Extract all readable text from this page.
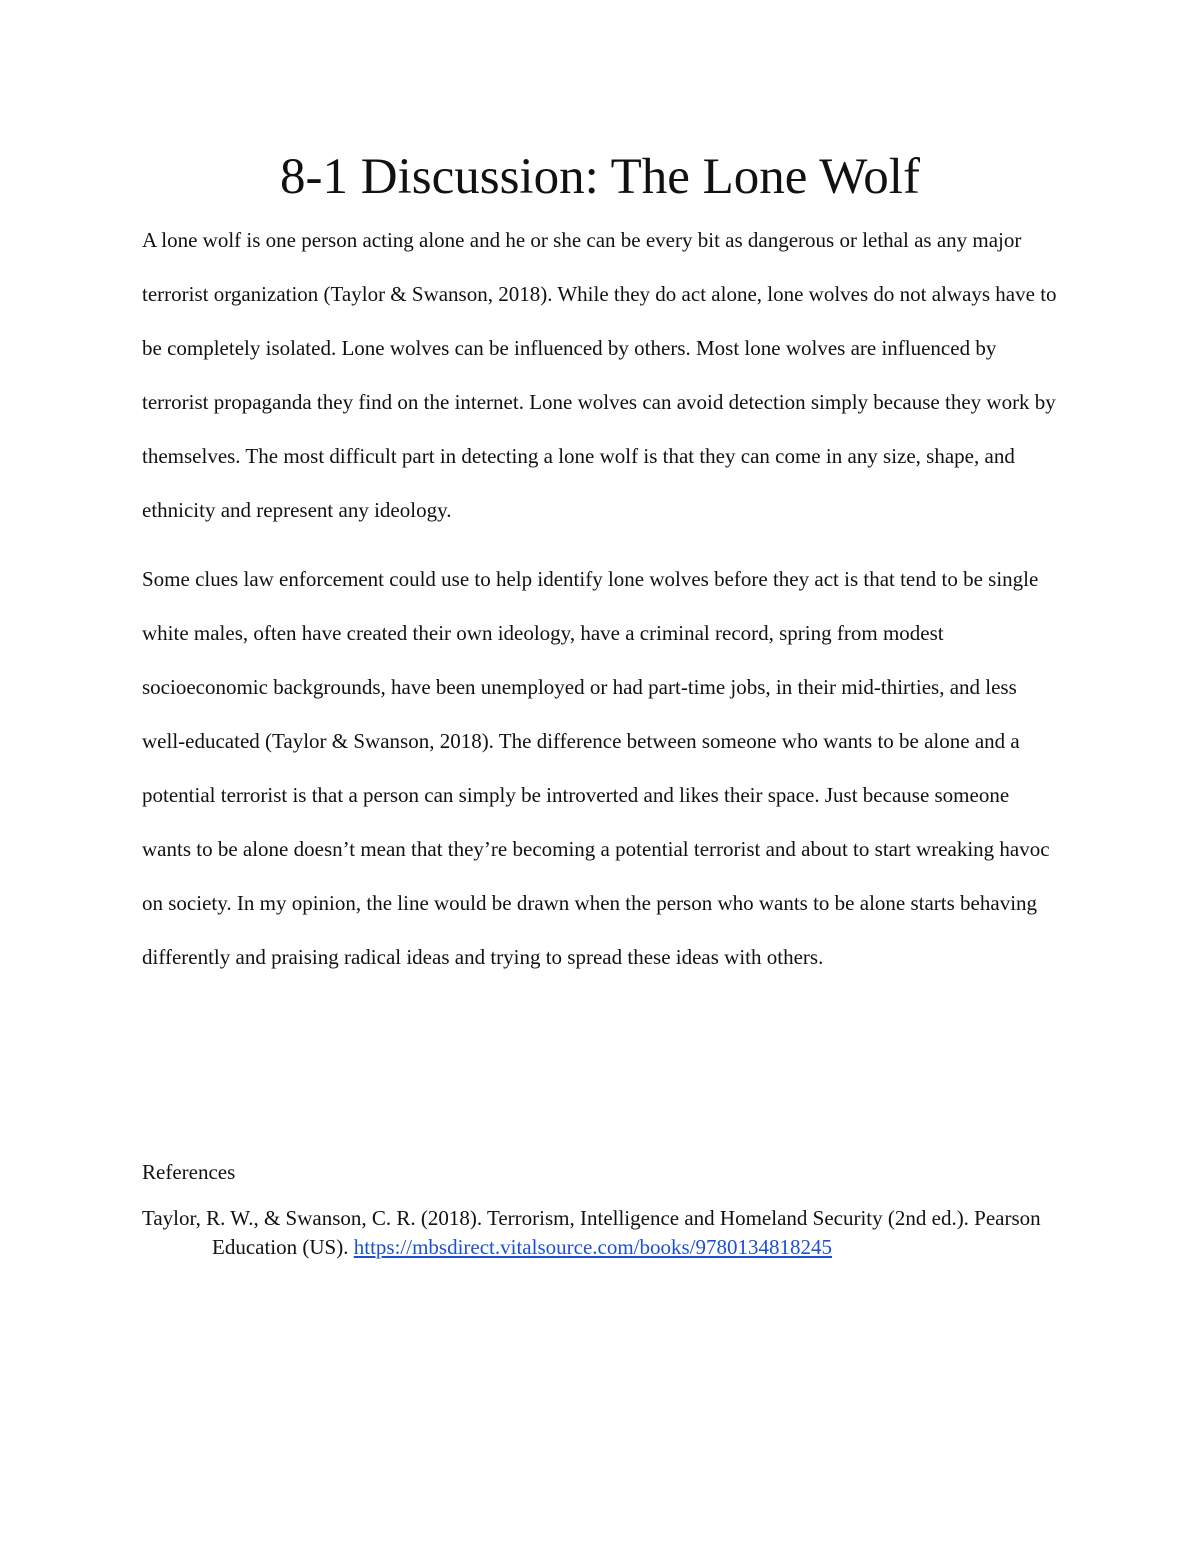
8-1 Discussion: The Lone Wolf

A lone wolf is one person acting alone and he or she can be every bit as dangerous or lethal as any major terrorist organization (Taylor & Swanson, 2018). While they do act alone, lone wolves do not always have to be completely isolated. Lone wolves can be influenced by others. Most lone wolves are influenced by terrorist propaganda they find on the internet. Lone wolves can avoid detection simply because they work by themselves. The most difficult part in detecting a lone wolf is that they can come in any size, shape, and ethnicity and represent any ideology.

Some clues law enforcement could use to help identify lone wolves before they act is that tend to be single white males, often have created their own ideology, have a criminal record, spring from modest socioeconomic backgrounds, have been unemployed or had part-time jobs, in their mid-thirties, and less well-educated (Taylor & Swanson, 2018). The difference between someone who wants to be alone and a potential terrorist is that a person can simply be introverted and likes their space. Just because someone wants to be alone doesn’t mean that they’re becoming a potential terrorist and about to start wreaking havoc on society. In my opinion, the line would be drawn when the person who wants to be alone starts behaving differently and praising radical ideas and trying to spread these ideas with others.

References

Taylor, R. W., & Swanson, C. R. (2018). Terrorism, Intelligence and Homeland Security (2nd ed.). Pearson Education (US). https://mbsdirect.vitalsource.com/books/9780134818245
